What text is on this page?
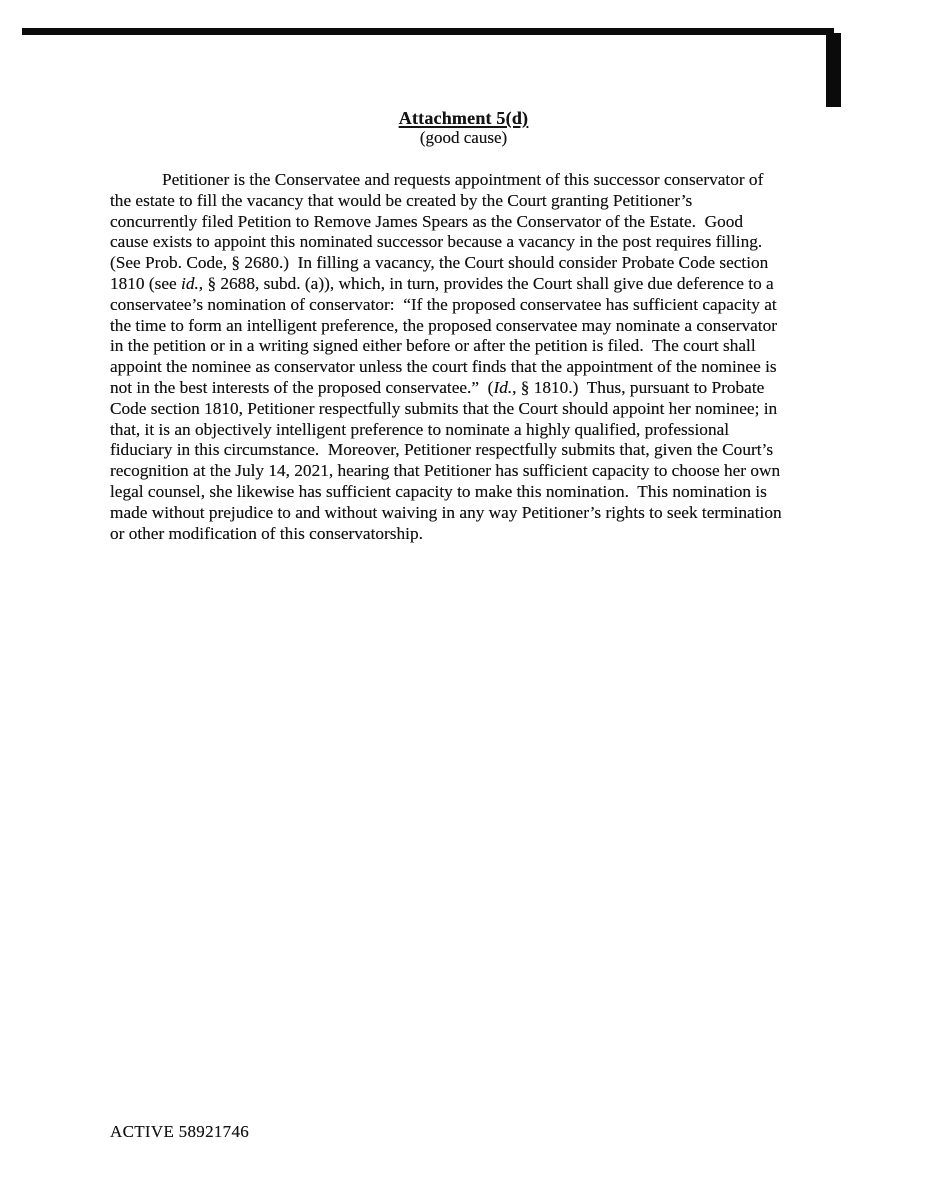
Attachment 5(d)
(good cause)
Petitioner is the Conservatee and requests appointment of this successor conservator of
the estate to fill the vacancy that would be created by the Court granting Petitioner’s
concurrently filed Petition to Remove James Spears as the Conservator of the Estate.  Good
cause exists to appoint this nominated successor because a vacancy in the post requires filling.
(See Prob. Code, § 2680.)  In filling a vacancy, the Court should consider Probate Code section
1810 (see id., § 2688, subd. (a)), which, in turn, provides the Court shall give due deference to a
conservatee’s nomination of conservator:  “If the proposed conservatee has sufficient capacity at
the time to form an intelligent preference, the proposed conservatee may nominate a conservator
in the petition or in a writing signed either before or after the petition is filed.  The court shall
appoint the nominee as conservator unless the court finds that the appointment of the nominee is
not in the best interests of the proposed conservatee.”  (Id., § 1810.)  Thus, pursuant to Probate
Code section 1810, Petitioner respectfully submits that the Court should appoint her nominee; in
that, it is an objectively intelligent preference to nominate a highly qualified, professional
fiduciary in this circumstance.  Moreover, Petitioner respectfully submits that, given the Court’s
recognition at the July 14, 2021, hearing that Petitioner has sufficient capacity to choose her own
legal counsel, she likewise has sufficient capacity to make this nomination.  This nomination is
made without prejudice to and without waiving in any way Petitioner’s rights to seek termination
or other modification of this conservatorship.
ACTIVE 58921746
